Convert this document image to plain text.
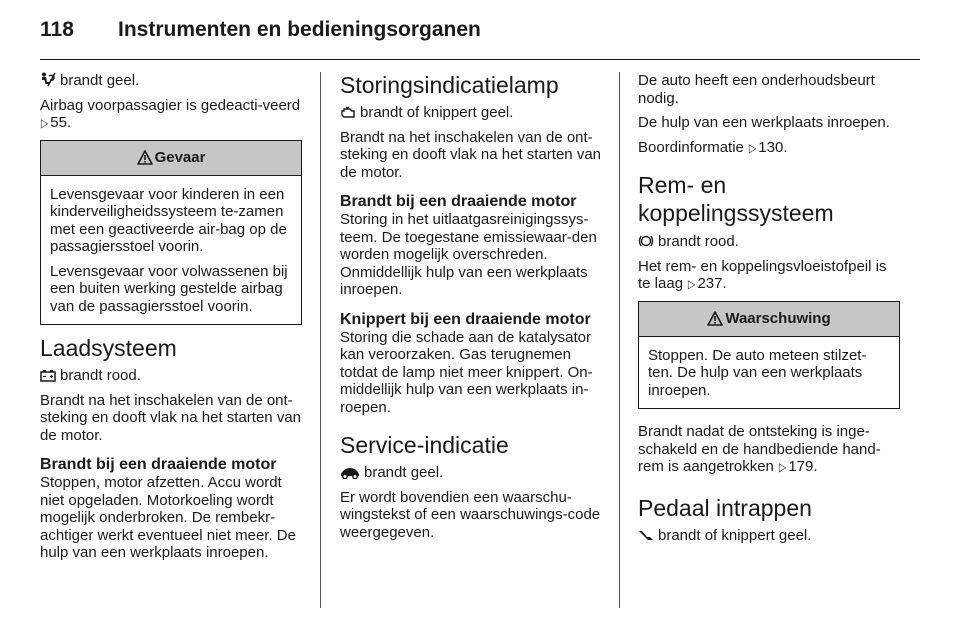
118 Instrumenten en bedieningsorganen

brandt geel.

Airbag voorpassagier is gedeacti-veerd ▷ 55.

Gevaar

Levensgevaar voor kinderen in een kinderveiligheidssysteem te-zamen met een geactiveerde air-bag op de passagiersstoel voorin.

Levensgevaar voor volwassenen bij een buiten werking gestelde airbag van de passagiersstoel voorin.

Laadsysteem

brandt rood.

Brandt na het inschakelen van de ont-steking en dooft vlak na het starten van de motor.

Brandt bij een draaiende motor

Stoppen, motor afzetten. Accu wordt niet opgeladen. Motorkoeling wordt mogelijk onderbroken. De rembekr-achtiger werkt eventueel niet meer. De hulp van een werkplaats inroepen.

Storingsindicatielamp

brandt of knippert geel.

Brandt na het inschakelen van de ont-steking en dooft vlak na het starten van de motor.

Brandt bij een draaiende motor

Storing in het uitlaatgasreinigingssys-teem. De toegestane emissiewaar-den worden mogelijk overschreden. Onmiddellijk hulp van een werkplaats inroepen.

Knippert bij een draaiende motor

Storing die schade aan de katalysator kan veroorzaken. Gas terugnemen totdat de lamp niet meer knippert. On-middellijk hulp van een werkplaats in-roepen.

Service-indicatie

brandt geel.

Er wordt bovendien een waarschu-wingstekst of een waarschuwings-code weergegeven.

De auto heeft een onderhoudsbeurt nodig.

De hulp van een werkplaats inroepen.

Boordinformatie ▷ 130.

Rem- en koppelingssysteem

brandt rood.

Het rem- en koppelingsvloeistofpeil is te laag ▷ 237.

Waarschuwing

Stoppen. De auto meteen stilzet-ten. De hulp van een werkplaats inroepen.

Brandt nadat de ontsteking is inge-schakeld en de handbediende hand-rem is aangetrokken ▷ 179.

Pedaal intrappen

brandt of knippert geel.
